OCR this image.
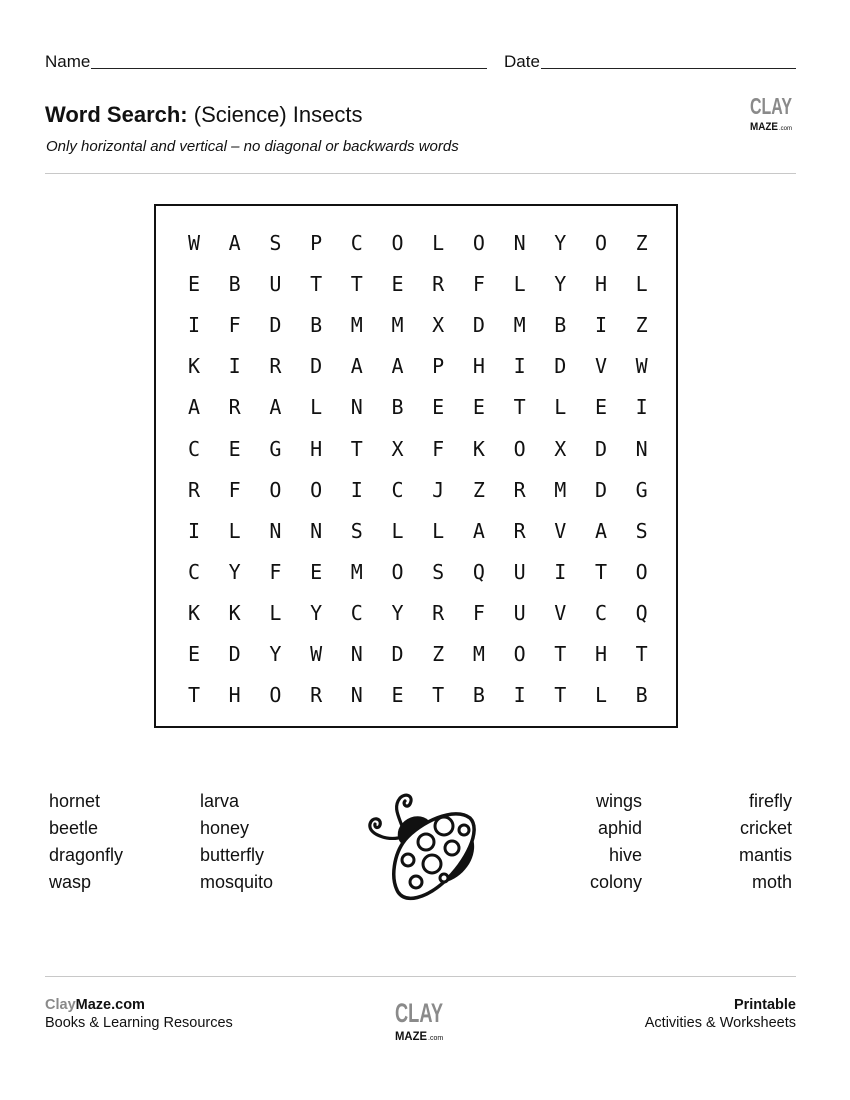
Name	Date
Word Search: (Science) Insects
Only horizontal and vertical – no diagonal or backwards words
CLAY
MAZE .com
W	A	S	P	C	O	L	O	N	Y	O	Z
E	B	U	T	T	E	R	F	L	Y	H	L
I	F	D	B	M	M	X	D	M	B	I	Z
K	I	R	D	A	A	P	H	I	D	V	W
A	R	A	L	N	B	E	E	T	L	E	I
C	E	G	H	T	X	F	K	O	X	D	N
R	F	O	O	I	C	J	Z	R	M	D	G
I	L	N	N	S	L	L	A	R	V	A	S
C	Y	F	E	M	O	S	Q	U	I	T	O
K	K	L	Y	C	Y	R	F	U	V	C	Q
E	D	Y	W	N	D	Z	M	O	T	H	T
T	H	O	R	N	E	T	B	I	T	L	B
hornet
beetle
dragonfly
wasp
larva
honey
butterfly
mosquito
wings
aphid
hive
colony
firefly
cricket
mantis
moth
ClayMaze.com
Books & Learning Resources	CLAY
MAZE .com
Printable
Activities & Worksheets
